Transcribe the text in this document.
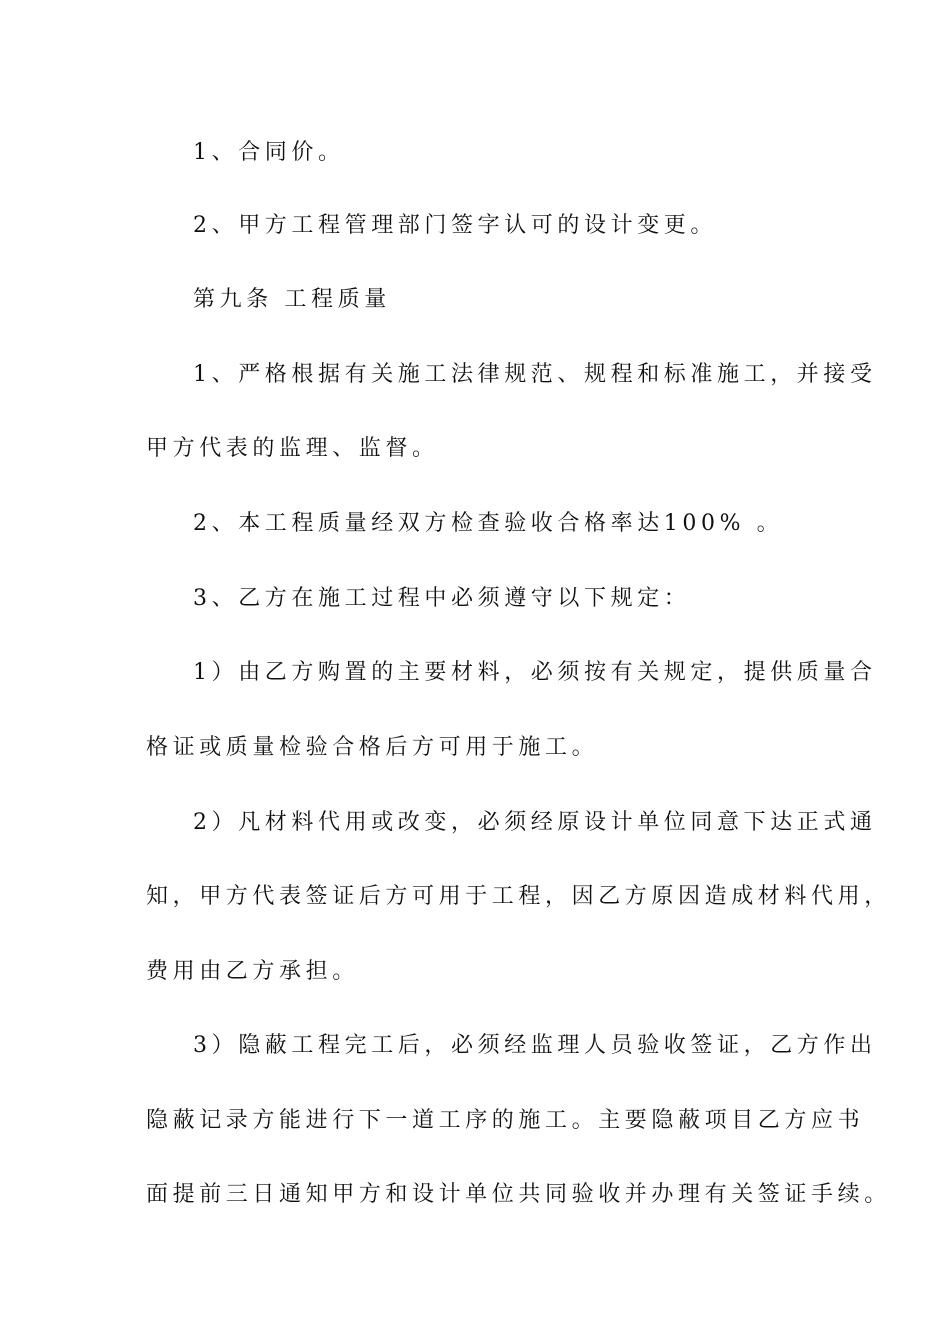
1、合同价。
2、甲方工程管理部门签字认可的设计变更。
第九条 工程质量
1、严格根据有关施工法律规范、规程和标准施工，并接受
甲方代表的监理、监督。
2、本工程质量经双方检查验收合格率达100% 。
3、乙方在施工过程中必须遵守以下规定：
1）由乙方购置的主要材料，必须按有关规定，提供质量合
格证或质量检验合格后方可用于施工。
2）凡材料代用或改变，必须经原设计单位同意下达正式通
知，甲方代表签证后方可用于工程，因乙方原因造成材料代用，
费用由乙方承担。
3）隐蔽工程完工后，必须经监理人员验收签证，乙方作出
隐蔽记录方能进行下一道工序的施工。主要隐蔽项目乙方应书
面提前三日通知甲方和设计单位共同验收并办理有关签证手续。
